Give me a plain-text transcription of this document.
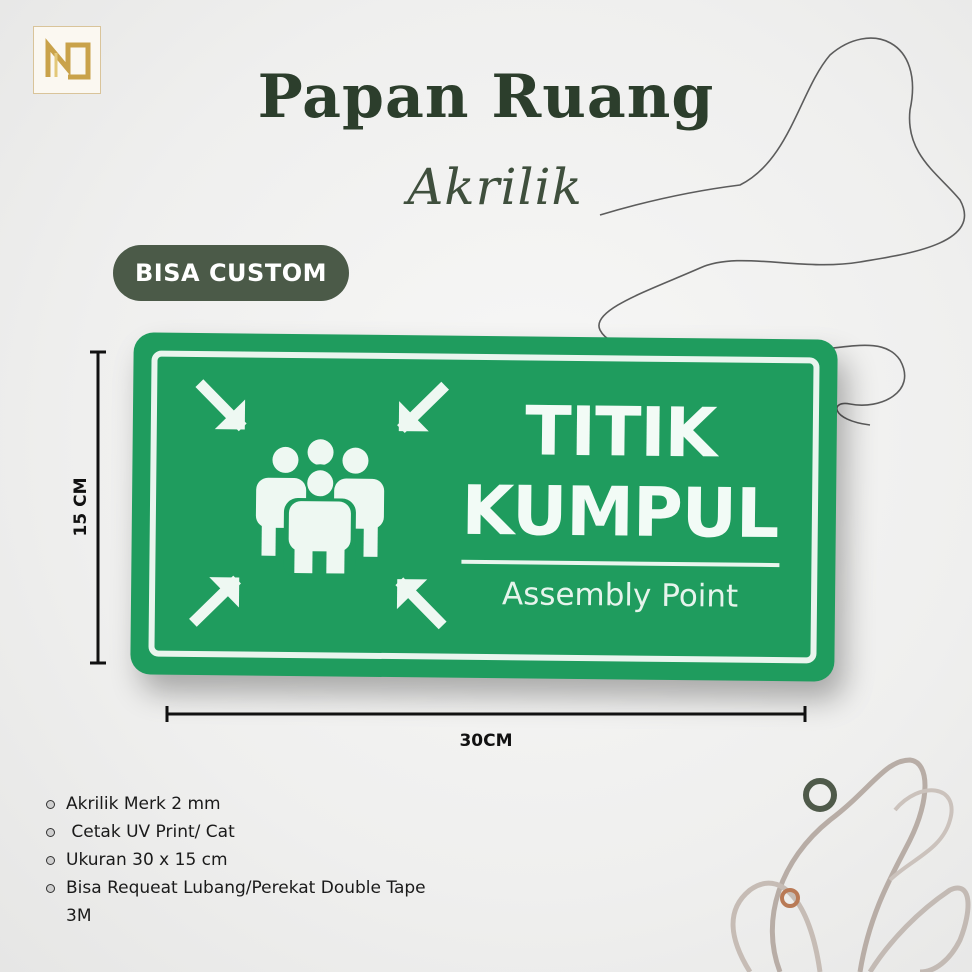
Papan Ruang
Akrilik
BISA CUSTOM
TITIK
KUMPUL
Assembly Point
30CM
15 CM
Akrilik Merk 2 mm
Cetak UV Print/ Cat
Ukuran 30 x 15 cm
Bisa Requeat Lubang/Perekat Double Tape 3M
